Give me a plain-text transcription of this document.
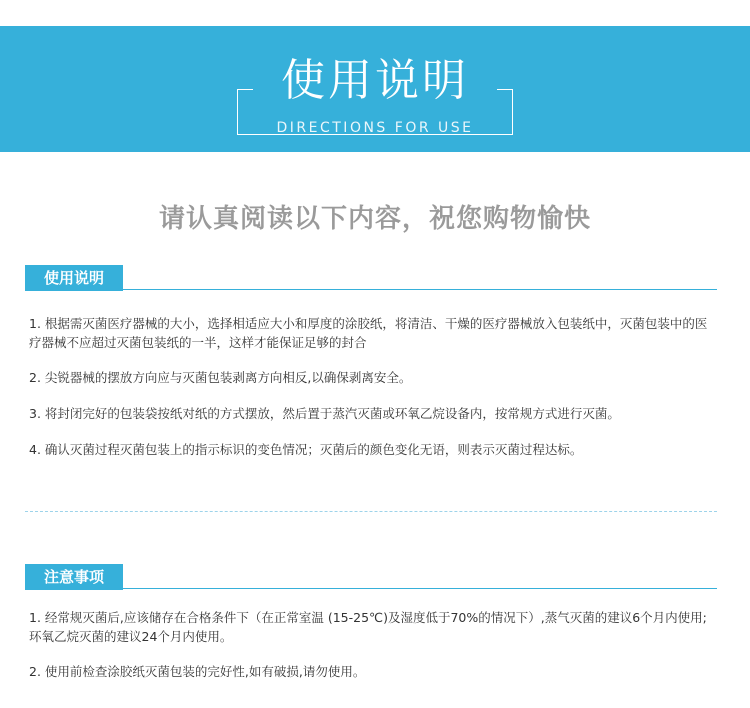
使用说明
DIRECTIONS FOR USE
请认真阅读以下内容，祝您购物愉快
使用说明

1. 根据需灭菌医疗器械的大小，选择相适应大小和厚度的涂胶纸，将清洁、干燥的医疗器械放入包装纸中，灭菌包装中的医疗器械不应超过灭菌包装纸的一半，这样才能保证足够的封合

2. 尖锐器械的摆放方向应与灭菌包装剥离方向相反,以确保剥离安全。

3. 将封闭完好的包装袋按纸对纸的方式摆放，然后置于蒸汽灭菌或环氧乙烷设备内，按常规方式进行灭菌。

4. 确认灭菌过程灭菌包装上的指示标识的变色情况；灭菌后的颜色变化无语，则表示灭菌过程达标。

注意事项

1. 经常规灭菌后,应该储存在合格条件下（在正常室温 (15-25℃)及湿度低于70%的情况下）,蒸气灭菌的建议6个月内使用;环氧乙烷灭菌的建议24个月内使用。

2. 使用前检查涂胶纸灭菌包装的完好性,如有破损,请勿使用。
